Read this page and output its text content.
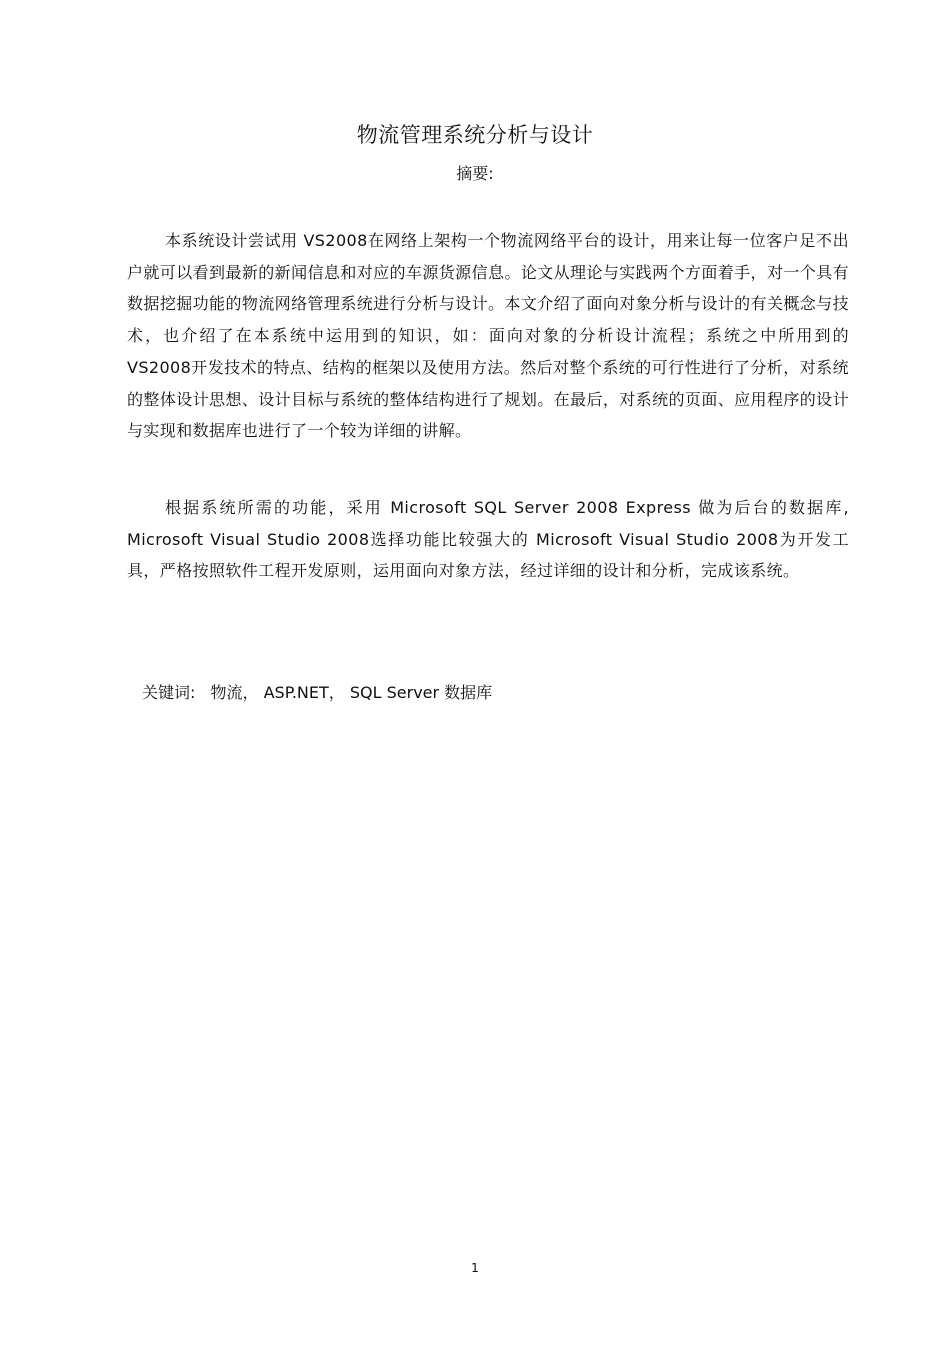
物流管理系统分析与设计
摘要:

本系统设计尝试用 VS2008在网络上架构一个物流网络平台的设计，用来让每一位客户足不出户就可以看到最新的新闻信息和对应的车源货源信息。论文从理论与实践两个方面着手，对一个具有数据挖掘功能的物流网络管理系统进行分析与设计。本文介绍了面向对象分析与设计的有关概念与技术，也介绍了在本系统中运用到的知识，如：面向对象的分析设计流程；系统之中所用到的 VS2008开发技术的特点、结构的框架以及使用方法。然后对整个系统的可行性进行了分析，对系统的整体设计思想、设计目标与系统的整体结构进行了规划。在最后，对系统的页面、应用程序的设计与实现和数据库也进行了一个较为详细的讲解。

根据系统所需的功能，采用 Microsoft SQL Server 2008 Express 做为后台的数据库, Microsoft Visual Studio 2008选择功能比较强大的 Microsoft Visual Studio 2008为开发工具，严格按照软件工程开发原则，运用面向对象方法，经过详细的设计和分析，完成该系统。

关键词: 物流， ASP.NET， SQL Server 数据库
1
